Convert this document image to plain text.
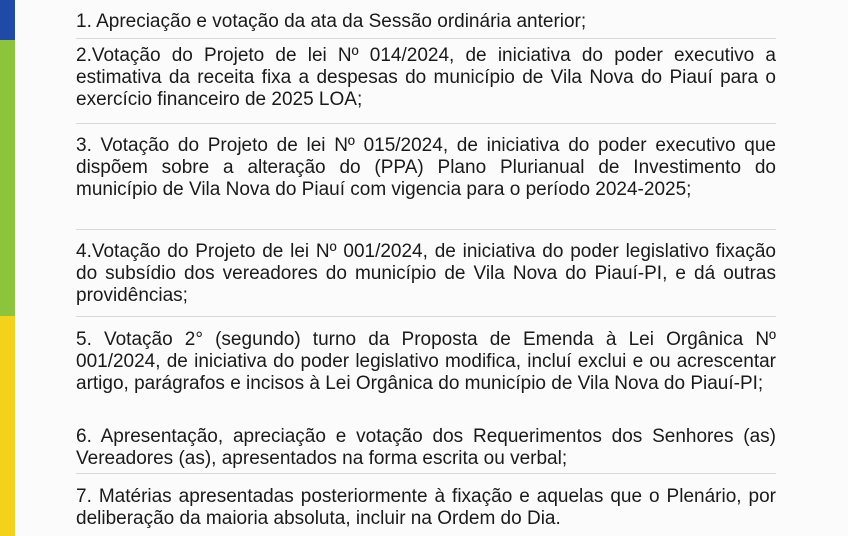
1. Apreciação e votação da ata da Sessão ordinária anterior;
2.Votação do Projeto de lei Nº 014/2024, de iniciativa do poder executivo a estimativa da receita fixa a despesas do município de Vila Nova do Piauí para o exercício financeiro de 2025 LOA;
3. Votação do Projeto de lei Nº 015/2024, de iniciativa do poder executivo que dispõem sobre a alteração do (PPA) Plano Plurianual de Investimento do município de Vila Nova do Piauí com vigencia para o período 2024-2025;
4.Votação do Projeto de lei Nº 001/2024, de iniciativa do poder legislativo fixação do subsídio dos vereadores do município de Vila Nova do Piauí-PI, e dá outras providências;
5. Votação 2° (segundo) turno da Proposta de Emenda à Lei Orgânica Nº 001/2024, de iniciativa do poder legislativo modifica, incluí exclui e ou acrescentar artigo, parágrafos e incisos à Lei Orgânica do município de Vila Nova do Piauí-PI;
6. Apresentação, apreciação e votação dos Requerimentos dos Senhores (as) Vereadores (as), apresentados na forma escrita ou verbal;
7. Matérias apresentadas posteriormente à fixação e aquelas que o Plenário, por deliberação da maioria absoluta, incluir na Ordem do Dia.
